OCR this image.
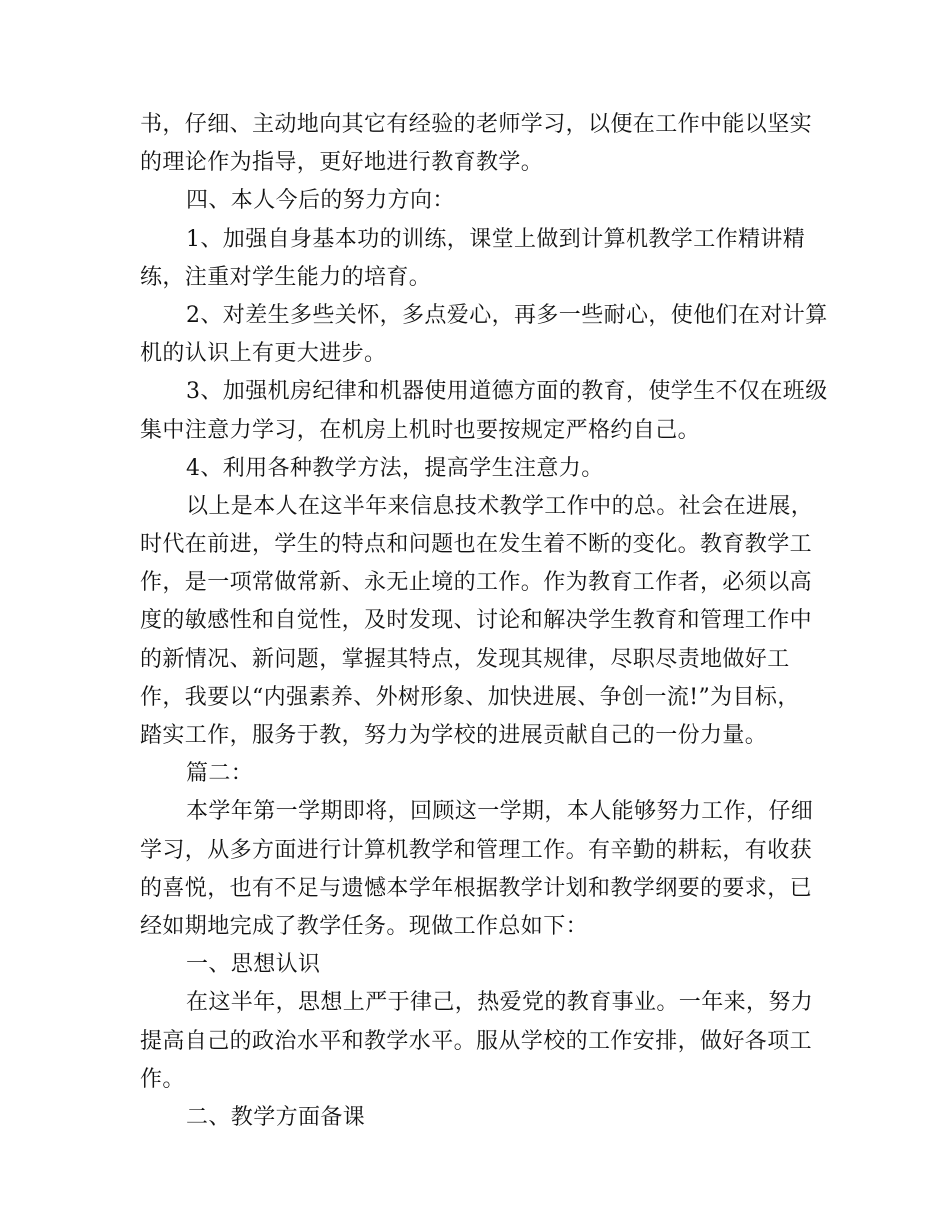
书，仔细、主动地向其它有经验的老师学习，以便在工作中能以坚实
的理论作为指导，更好地进行教育教学。
四、本人今后的努力方向：
1、加强自身基本功的训练，课堂上做到计算机教学工作精讲精
练，注重对学生能力的培育。
2、对差生多些关怀，多点爱心，再多一些耐心，使他们在对计算
机的认识上有更大进步。
3、加强机房纪律和机器使用道德方面的教育，使学生不仅在班级
集中注意力学习，在机房上机时也要按规定严格约自己。
4、利用各种教学方法，提高学生注意力。
以上是本人在这半年来信息技术教学工作中的总。社会在进展，
时代在前进，学生的特点和问题也在发生着不断的变化。教育教学工
作，是一项常做常新、永无止境的工作。作为教育工作者，必须以高
度的敏感性和自觉性，及时发现、讨论和解决学生教育和管理工作中
的新情况、新问题，掌握其特点，发现其规律，尽职尽责地做好工
作，我要以“内强素养、外树形象、加快进展、争创一流!”为目标，
踏实工作，服务于教，努力为学校的进展贡献自己的一份力量。
篇二：
本学年第一学期即将，回顾这一学期，本人能够努力工作，仔细
学习，从多方面进行计算机教学和管理工作。有辛勤的耕耘，有收获
的喜悦，也有不足与遗憾本学年根据教学计划和教学纲要的要求，已
经如期地完成了教学任务。现做工作总如下：
一、思想认识
在这半年，思想上严于律己，热爱党的教育事业。一年来，努力
提高自己的政治水平和教学水平。服从学校的工作安排，做好各项工
作。
二、教学方面备课
